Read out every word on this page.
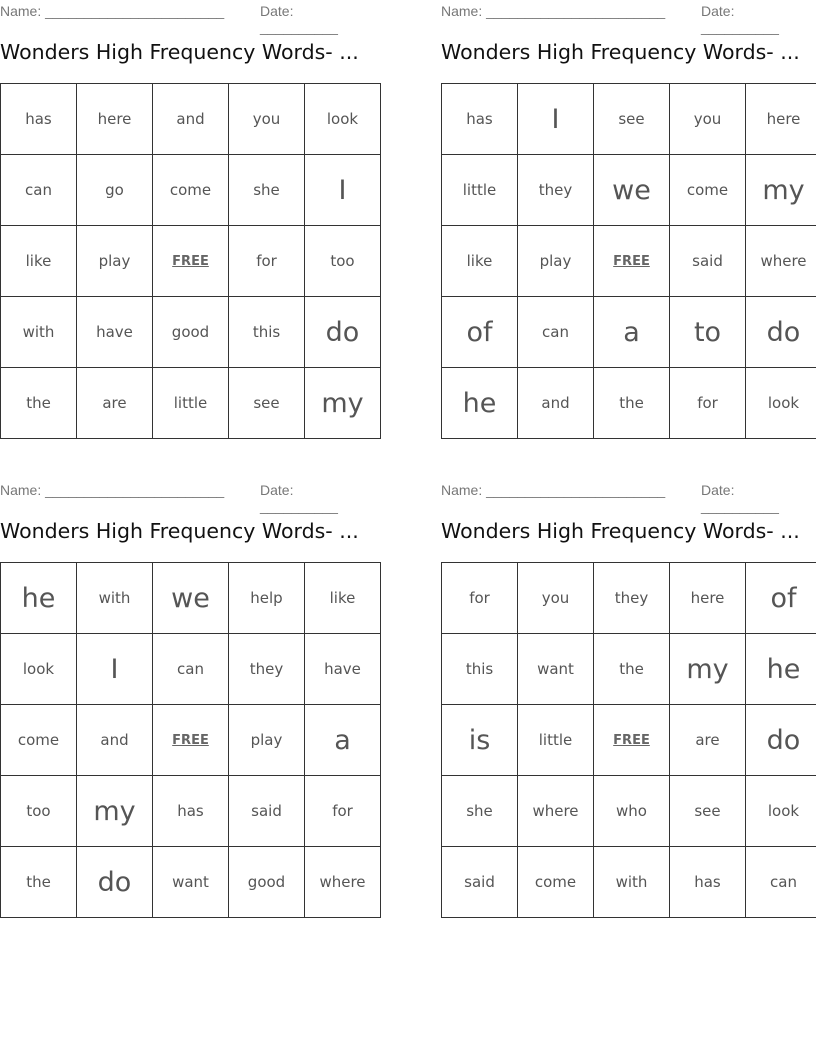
Name: _______________________	Date: __________
Wonders High Frequency Words- ...
has	here	and	you	look
can	go	come	she	I
like	play	FREE	for	too
with	have	good	this	do
the	are	little	see	my
Name: _______________________	Date: __________
Wonders High Frequency Words- ...
has	I	see	you	here
little	they	we	come	my
like	play	FREE	said	where
of	can	a	to	do
he	and	the	for	look
Name: _______________________	Date: __________
Wonders High Frequency Words- ...
he	with	we	help	like
look	I	can	they	have
come	and	FREE	play	a
too	my	has	said	for
the	do	want	good	where
Name: _______________________	Date: __________
Wonders High Frequency Words- ...
for	you	they	here	of
this	want	the	my	he
is	little	FREE	are	do
she	where	who	see	look
said	come	with	has	can
